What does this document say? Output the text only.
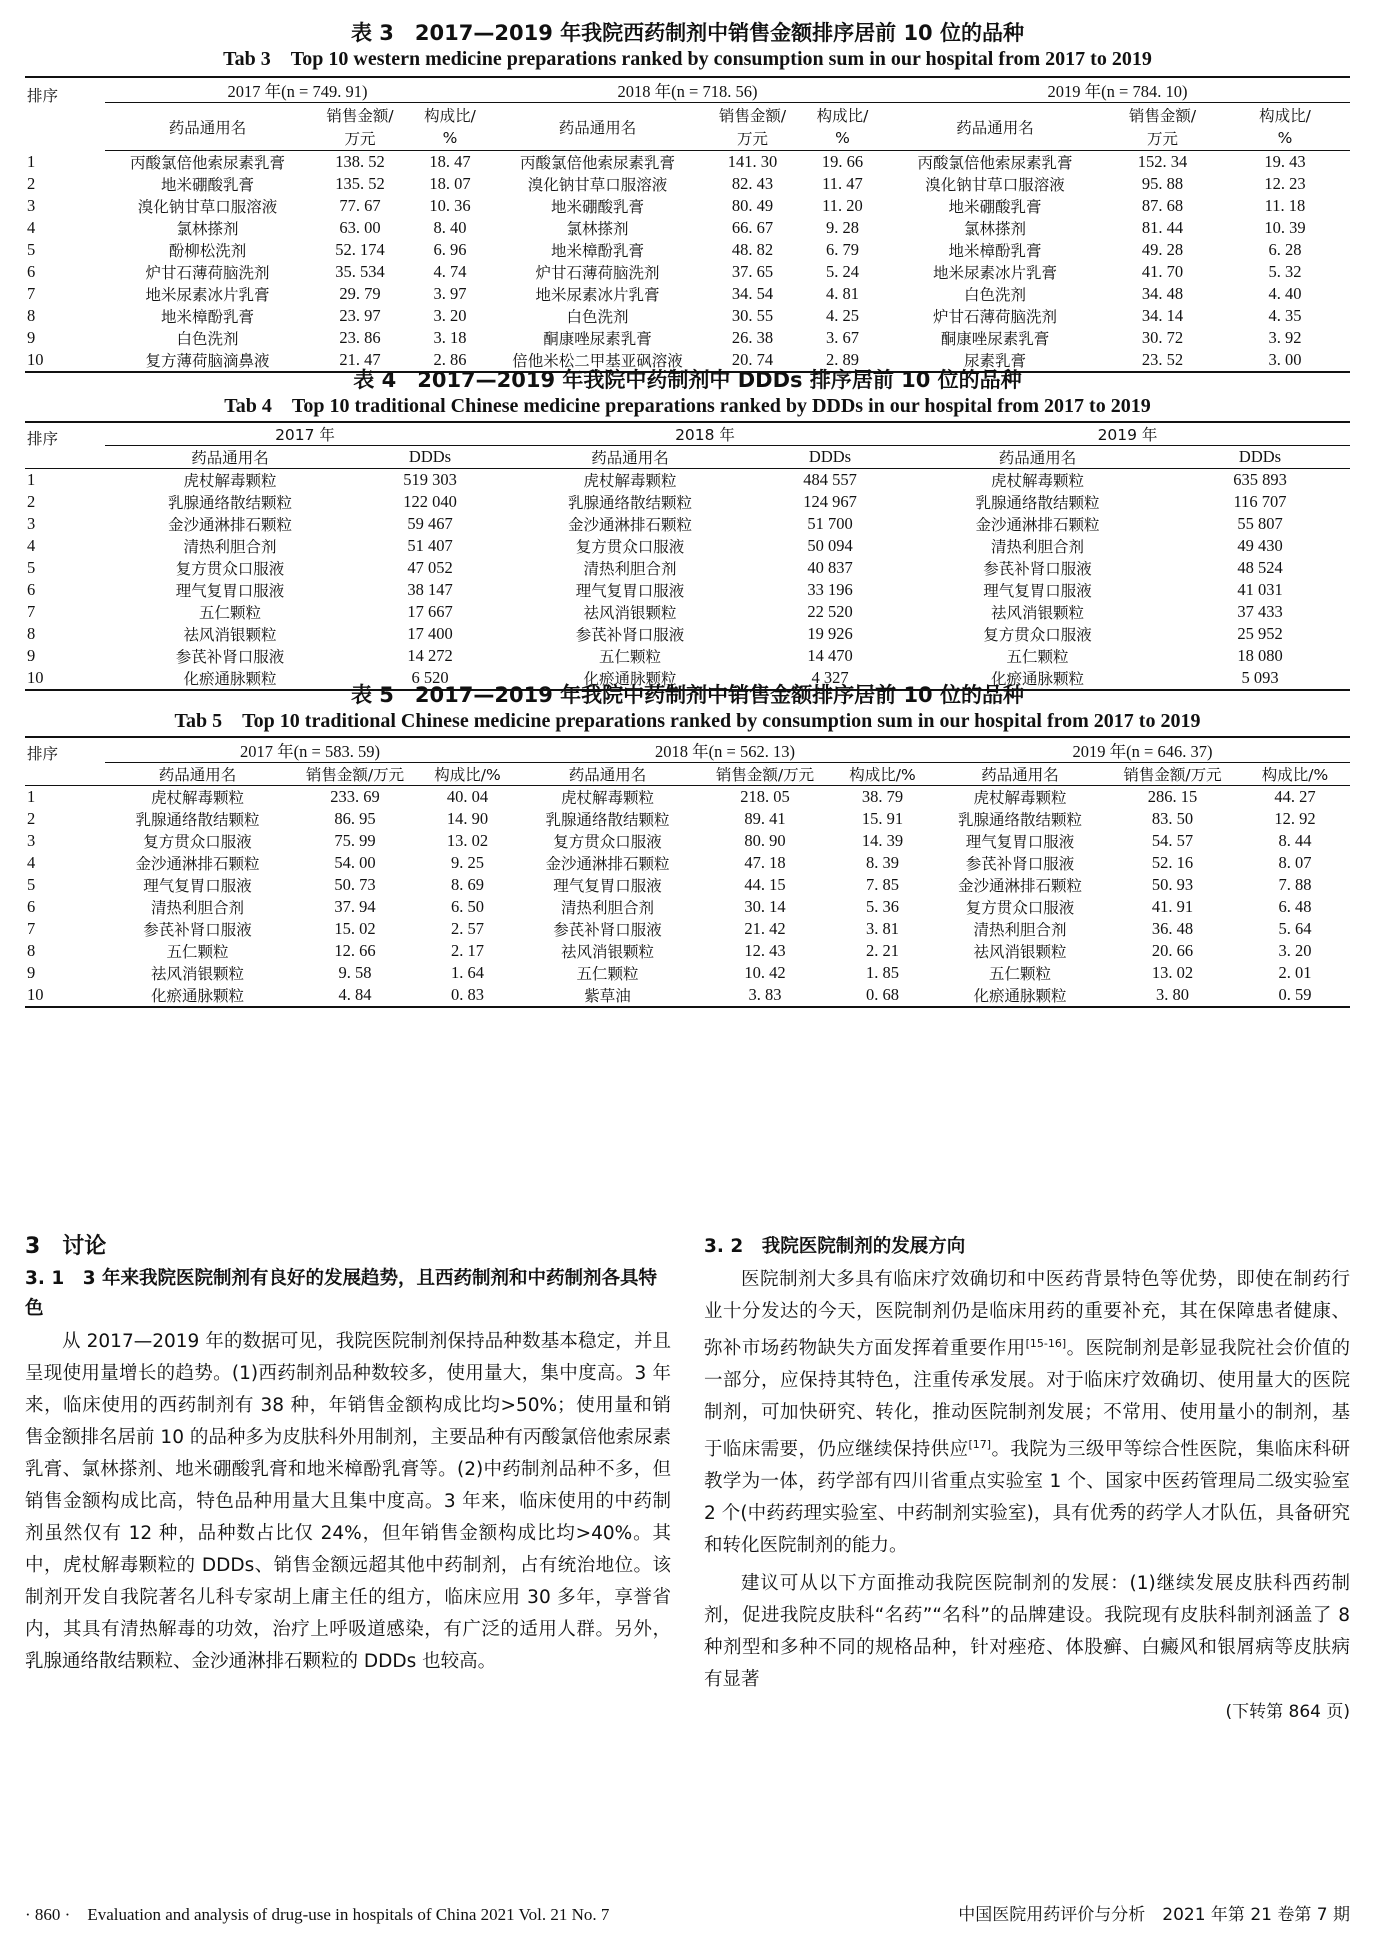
表 3　2017—2019 年我院西药制剂中销售金额排序居前 10 位的品种
Tab 3　Top 10 western medicine preparations ranked by consumption sum in our hospital from 2017 to 2019
排序	2017 年(n = 749. 91)			2018 年(n = 718. 56)			2019 年(n = 784. 10)		
	药品通用名	销售金额/	构成比/	药品通用名	销售金额/	构成比/	药品通用名	销售金额/	构成比/
		万元	%		万元	%		万元	%
1	丙酸氯倍他索尿素乳膏	138. 52	18. 47	丙酸氯倍他索尿素乳膏	141. 30	19. 66	丙酸氯倍他索尿素乳膏	152. 34	19. 43
2	地米硼酸乳膏	135. 52	18. 07	溴化钠甘草口服溶液	82. 43	11. 47	溴化钠甘草口服溶液	95. 88	12. 23
3	溴化钠甘草口服溶液	77. 67	10. 36	地米硼酸乳膏	80. 49	11. 20	地米硼酸乳膏	87. 68	11. 18
4	氯林搽剂	63. 00	8. 40	氯林搽剂	66. 67	9. 28	氯林搽剂	81. 44	10. 39
5	酚柳松洗剂	52. 174	6. 96	地米樟酚乳膏	48. 82	6. 79	地米樟酚乳膏	49. 28	6. 28
6	炉甘石薄荷脑洗剂	35. 534	4. 74	炉甘石薄荷脑洗剂	37. 65	5. 24	地米尿素冰片乳膏	41. 70	5. 32
7	地米尿素冰片乳膏	29. 79	3. 97	地米尿素冰片乳膏	34. 54	4. 81	白色洗剂	34. 48	4. 40
8	地米樟酚乳膏	23. 97	3. 20	白色洗剂	30. 55	4. 25	炉甘石薄荷脑洗剂	34. 14	4. 35
9	白色洗剂	23. 86	3. 18	酮康唑尿素乳膏	26. 38	3. 67	酮康唑尿素乳膏	30. 72	3. 92
10	复方薄荷脑滴鼻液	21. 47	2. 86	倍他米松二甲基亚砜溶液	20. 74	2. 89	尿素乳膏	23. 52	3. 00
表 4　2017—2019 年我院中药制剂中 DDDs 排序居前 10 位的品种
Tab 4　Top 10 traditional Chinese medicine preparations ranked by DDDs in our hospital from 2017 to 2019
排序	2017 年		2018 年		2019 年	
	药品通用名	DDDs	药品通用名	DDDs	药品通用名	DDDs
1	虎杖解毒颗粒	519 303	虎杖解毒颗粒	484 557	虎杖解毒颗粒	635 893
2	乳腺通络散结颗粒	122 040	乳腺通络散结颗粒	124 967	乳腺通络散结颗粒	116 707
3	金沙通淋排石颗粒	59 467	金沙通淋排石颗粒	51 700	金沙通淋排石颗粒	55 807
4	清热利胆合剂	51 407	复方贯众口服液	50 094	清热利胆合剂	49 430
5	复方贯众口服液	47 052	清热利胆合剂	40 837	参芪补肾口服液	48 524
6	理气复胃口服液	38 147	理气复胃口服液	33 196	理气复胃口服液	41 031
7	五仁颗粒	17 667	祛风消银颗粒	22 520	祛风消银颗粒	37 433
8	祛风消银颗粒	17 400	参芪补肾口服液	19 926	复方贯众口服液	25 952
9	参芪补肾口服液	14 272	五仁颗粒	14 470	五仁颗粒	18 080
10	化瘀通脉颗粒	6 520	化瘀通脉颗粒	4 327	化瘀通脉颗粒	5 093
表 5　2017—2019 年我院中药制剂中销售金额排序居前 10 位的品种
Tab 5　Top 10 traditional Chinese medicine preparations ranked by consumption sum in our hospital from 2017 to 2019
排序	2017 年(n = 583. 59)			2018 年(n = 562. 13)			2019 年(n = 646. 37)		
	药品通用名	销售金额/万元	构成比/%	药品通用名	销售金额/万元	构成比/%	药品通用名	销售金额/万元	构成比/%
1	虎杖解毒颗粒	233. 69	40. 04	虎杖解毒颗粒	218. 05	38. 79	虎杖解毒颗粒	286. 15	44. 27
2	乳腺通络散结颗粒	86. 95	14. 90	乳腺通络散结颗粒	89. 41	15. 91	乳腺通络散结颗粒	83. 50	12. 92
3	复方贯众口服液	75. 99	13. 02	复方贯众口服液	80. 90	14. 39	理气复胃口服液	54. 57	8. 44
4	金沙通淋排石颗粒	54. 00	9. 25	金沙通淋排石颗粒	47. 18	8. 39	参芪补肾口服液	52. 16	8. 07
5	理气复胃口服液	50. 73	8. 69	理气复胃口服液	44. 15	7. 85	金沙通淋排石颗粒	50. 93	7. 88
6	清热利胆合剂	37. 94	6. 50	清热利胆合剂	30. 14	5. 36	复方贯众口服液	41. 91	6. 48
7	参芪补肾口服液	15. 02	2. 57	参芪补肾口服液	21. 42	3. 81	清热利胆合剂	36. 48	5. 64
8	五仁颗粒	12. 66	2. 17	祛风消银颗粒	12. 43	2. 21	祛风消银颗粒	20. 66	3. 20
9	祛风消银颗粒	9. 58	1. 64	五仁颗粒	10. 42	1. 85	五仁颗粒	13. 02	2. 01
10	化瘀通脉颗粒	4. 84	0. 83	紫草油	3. 83	0. 68	化瘀通脉颗粒	3. 80	0. 59
3　讨论
3. 1　3 年来我院医院制剂有良好的发展趋势，且西药制剂和中药制剂各具特色
从 2017—2019 年的数据可见，我院医院制剂保持品种数基本稳定，并且呈现使用量增长的趋势。(1)西药制剂品种数较多，使用量大，集中度高。3 年来，临床使用的西药制剂有 38 种，年销售金额构成比均>50%；使用量和销售金额排名居前 10 的品种多为皮肤科外用制剂，主要品种有丙酸氯倍他索尿素乳膏、氯林搽剂、地米硼酸乳膏和地米樟酚乳膏等。(2)中药制剂品种不多，但销售金额构成比高，特色品种用量大且集中度高。3 年来，临床使用的中药制剂虽然仅有 12 种，品种数占比仅 24%，但年销售金额构成比均>40%。其中，虎杖解毒颗粒的 DDDs、销售金额远超其他中药制剂，占有统治地位。该制剂开发自我院著名儿科专家胡上庸主任的组方，临床应用 30 多年，享誉省内，其具有清热解毒的功效，治疗上呼吸道感染，有广泛的适用人群。另外，乳腺通络散结颗粒、金沙通淋排石颗粒的 DDDs 也较高。
3. 2　我院医院制剂的发展方向
医院制剂大多具有临床疗效确切和中医药背景特色等优势，即使在制药行业十分发达的今天，医院制剂仍是临床用药的重要补充，其在保障患者健康、弥补市场药物缺失方面发挥着重要作用[15-16]。医院制剂是彰显我院社会价值的一部分，应保持其特色，注重传承发展。对于临床疗效确切、使用量大的医院制剂，可加快研究、转化，推动医院制剂发展；不常用、使用量小的制剂，基于临床需要，仍应继续保持供应[17]。我院为三级甲等综合性医院，集临床科研教学为一体，药学部有四川省重点实验室 1 个、国家中医药管理局二级实验室 2 个(中药药理实验室、中药制剂实验室)，具有优秀的药学人才队伍，具备研究和转化医院制剂的能力。
建议可从以下方面推动我院医院制剂的发展：(1)继续发展皮肤科西药制剂，促进我院皮肤科“名药”“名科”的品牌建设。我院现有皮肤科制剂涵盖了 8 种剂型和多种不同的规格品种，针对痤疮、体股癣、白癜风和银屑病等皮肤病有显著
(下转第 864 页)
· 860 ·　Evaluation and analysis of drug-use in hospitals of China 2021 Vol. 21 No. 7	中国医院用药评价与分析　2021 年第 21 卷第 7 期
